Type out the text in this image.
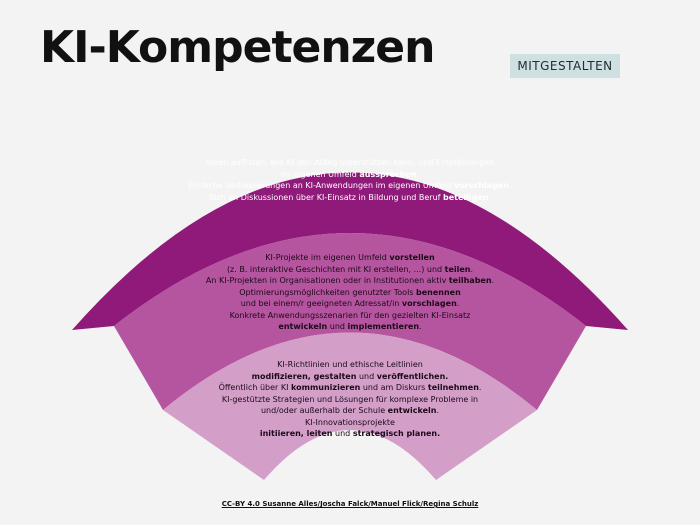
KI-Kompetenzen	MITGESTALTEN
Ideen auflisten, wie KI den Alltag unterstützen kann, und Empfehlungen
im eigenen Umfeld aussprechen.
Einfache Verbesserungen an KI-Anwendungen im eigenen Umfeld vorschlagen.
Sich an Diskussionen über KI-Einsatz in Bildung und Beruf beteiligen.
KI-Projekte im eigenen Umfeld vorstellen
(z. B. interaktive Geschichten mit KI erstellen, ...) und teilen.
An KI-Projekten in Organisationen oder in Institutionen aktiv teilhaben.
Optimierungsmöglichkeiten genutzter Tools benennen
und bei einem/r geeigneten Adressat/in vorschlagen.
Konkrete Anwendungsszenarien für den gezielten KI-Einsatz
entwickeln und implementieren.
KI-Richtlinien und ethische Leitlinien
modifizieren, gestalten und veröffentlichen.
Öffentlich über KI kommunizieren und am Diskurs teilnehmen.
KI-gestützte Strategien und Lösungen für komplexe Probleme in
und/oder außerhalb der Schule entwickeln.
KI-Innovationsprojekte
initiieren, leiten und strategisch planen.
CC-BY 4.0 Susanne Alles/Joscha Falck/Manuel Flick/Regina Schulz
